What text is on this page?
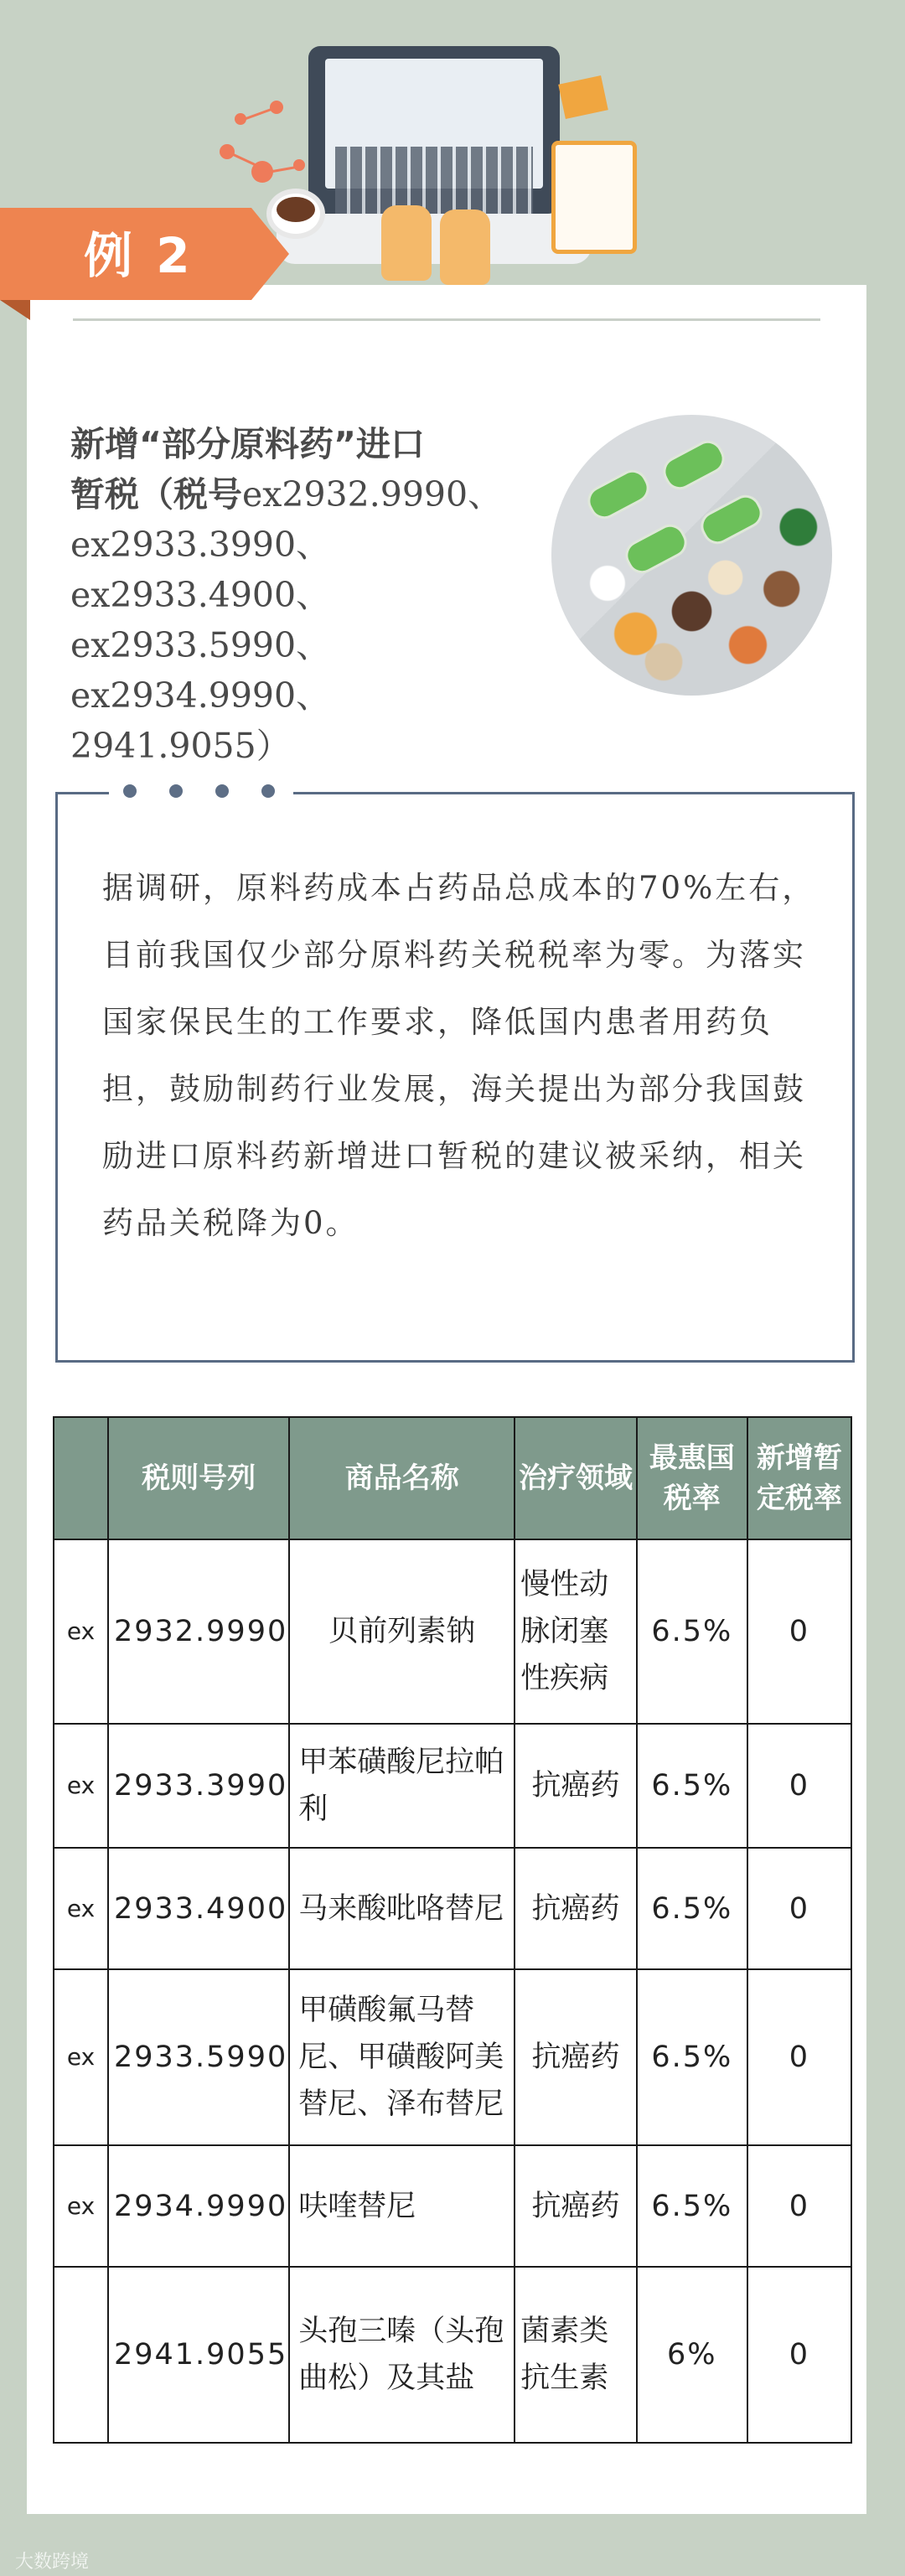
例 2
新增“部分原料药”进口
暂税（税号ex2932.9990、
ex2933.3990、ex2933.4900、
ex2933.5990、ex2934.9990、
2941.9055）
据调研，原料药成本占药品总成本的70%左右，目前我国仅少部分原料药关税税率为零。为落实国家保民生的工作要求，降低国内患者用药负担，鼓励制药行业发展，海关提出为部分我国鼓励进口原料药新增进口暂税的建议被采纳，相关药品关税降为0。
	税则号列	商品名称	治疗领域	最惠国税率	新增暂定税率
ex	2932.9990	贝前列素钠	慢性动脉闭塞性疾病	6.5%	0
ex	2933.3990	甲苯磺酸尼拉帕利	抗癌药	6.5%	0
ex	2933.4900	马来酸吡咯替尼	抗癌药	6.5%	0
ex	2933.5990	甲磺酸氟马替尼、甲磺酸阿美替尼、泽布替尼	抗癌药	6.5%	0
ex	2934.9990	呋喹替尼	抗癌药	6.5%	0
	2941.9055	头孢三嗪（头孢曲松）及其盐	菌素类抗生素	6%	0
大数跨境
